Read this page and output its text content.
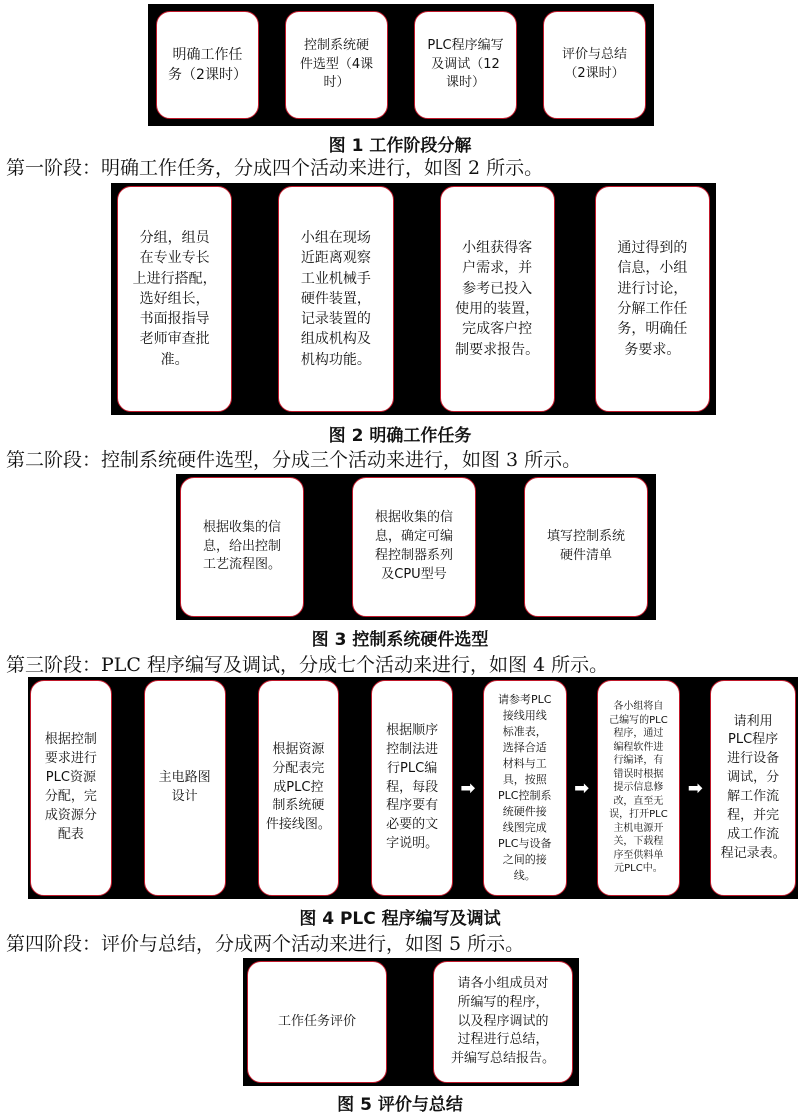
明确工作任
务（2课时）
控制系统硬
件选型（4课
时）
PLC程序编写
及调试（12
课时）
评价与总结
（2课时）
图 1 工作阶段分解
第一阶段：明确工作任务，分成四个活动来进行，如图 2 所示。
分组，组员
在专业专长
上进行搭配，
选好组长，
书面报指导
老师审查批
准。
小组在现场
近距离观察
工业机械手
硬件装置，
记录装置的
组成机构及
机构功能。
小组获得客
户需求，并
参考已投入
使用的装置，
完成客户控
制要求报告。
通过得到的
信息，小组
进行讨论，
分解工作任
务，明确任
务要求。
图 2 明确工作任务
第二阶段：控制系统硬件选型，分成三个活动来进行，如图 3 所示。
根据收集的信
息，给出控制
工艺流程图。
根据收集的信
息，确定可编
程控制器系列
及CPU型号
填写控制系统
硬件清单
图 3 控制系统硬件选型
第三阶段：PLC 程序编写及调试，分成七个活动来进行，如图 4 所示。
根据控制
要求进行
PLC资源
分配，完
成资源分
配表
主电路图
设计
根据资源
分配表完
成PLC控
制系统硬
件接线图。
根据顺序
控制法进
行PLC编
程，每段
程序要有
必要的文
字说明。
➡
请参考PLC
接线用线
标准表，
选择合适
材料与工
具，按照
PLC控制系
统硬件接
线图完成
PLC与设备
之间的接
线。
➡
各小组将自
己编写的PLC
程序，通过
编程软件进
行编译，有
错误时根据
提示信息修
改，直至无
误，打开PLC
主机电源开
关，下载程
序至供料单
元PLC中。
➡
请利用
PLC程序
进行设备
调试，分
解工作流
程，并完
成工作流
程记录表。
图 4 PLC 程序编写及调试
第四阶段：评价与总结，分成两个活动来进行，如图 5 所示。
工作任务评价
请各小组成员对
所编写的程序，
以及程序调试的
过程进行总结，
并编写总结报告。
图 5 评价与总结
